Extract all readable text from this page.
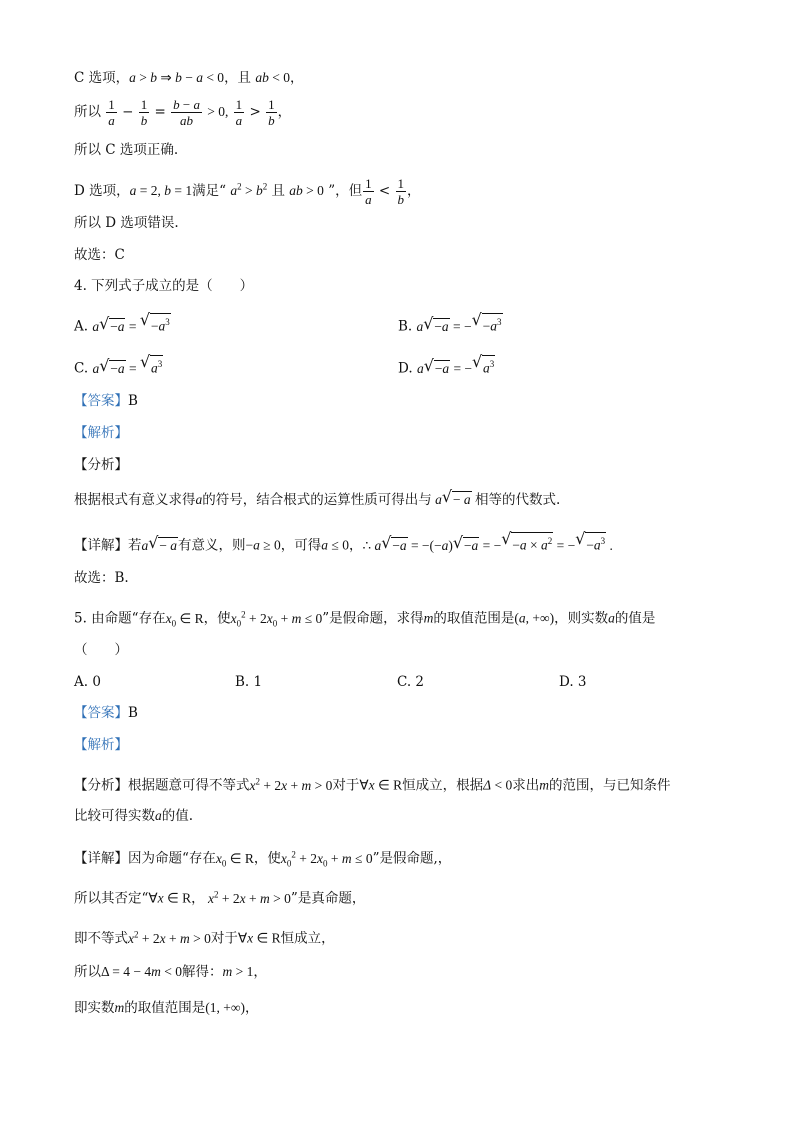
C 选项，a > b ⇒ b − a < 0，且 ab < 0，
所以 $\frac{1}{a} - \frac{1}{b} = \frac{b - a}{ab} > 0$, $\frac{1}{a} > \frac{1}{b}$ ，
所以 C 选项正确.
D 选项，a = 2, b = 1满足“ $a^2 > b^2$ 且 ab > 0 ”，但 $\frac{1}{a} < \frac{1}{b}$ ，
所以 D 选项错误.
故选：C
4. 下列式子成立的是（　　）
A. a √ −a = √ $-a^3$	B. a √ −a = − √ $-a^3$
C. a √ −a = √ $a^3$	D. a √ −a = − √ $a^3$
【答案】B
【解析】
【分析】
根据根式有意义求得a的符号，结合根式的运算性质可得出与 a √ − a 相等的代数式.
【详解】若a √ − a有意义，则−a ≥ 0，可得a ≤ 0，∴ a √ −a = −(−a) √ −a = − √ $-a \times a^2$ = − √ $-a^3$ .
故选：B.
5. 由命题“存在$x_0$ ∈ R，使$x_0^2 + 2x_0 + m \le 0$”是假命题，求得m的取值范围是(a, +∞)，则实数a的值是
（　　）
A. 0	B. 1	C. 2	D. 3
【答案】B
【解析】
【分析】根据题意可得不等式$x^2 + 2x + m > 0$对于∀x ∈ R恒成立，根据Δ < 0求出m的范围，与已知条件
比较可得实数a的值.
【详解】因为命题“存在$x_0$ ∈ R，使$x_0^2 + 2x_0 + m \le 0$”是假命题,，
所以其否定“∀x ∈ R， $x^2 + 2x + m > 0$”是真命题，
即不等式$x^2 + 2x + m > 0$对于∀x ∈ R恒成立，
所以Δ = 4 − 4m < 0解得：m > 1，
即实数m的取值范围是(1, +∞)，
